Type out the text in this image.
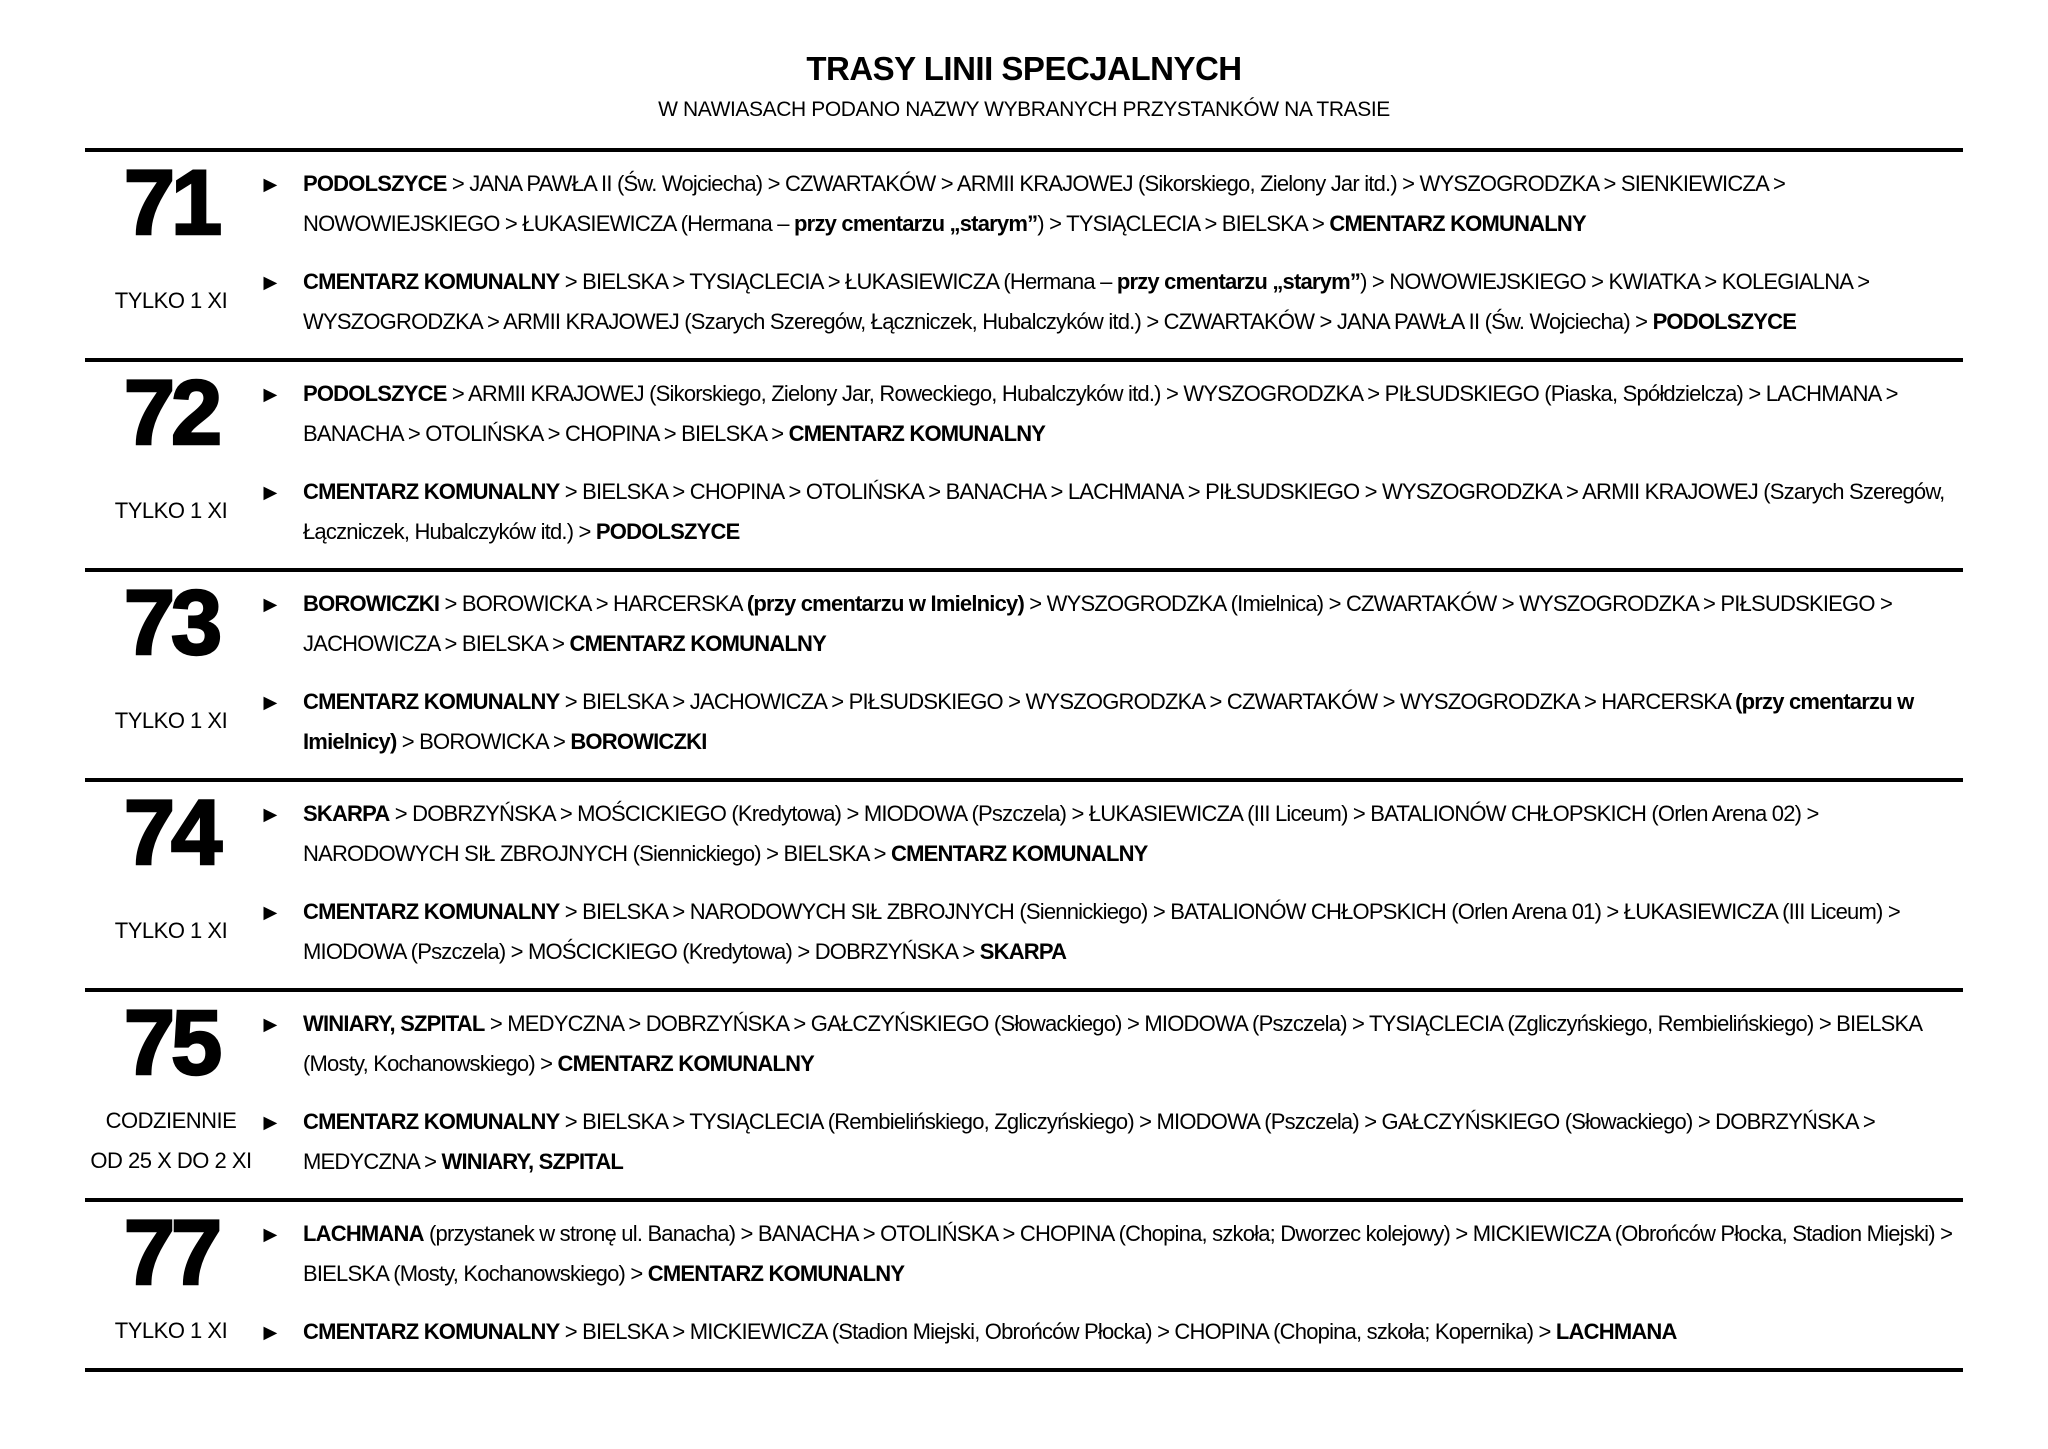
TRASY LINII SPECJALNYCH

W NAWIASACH PODANO NAZWY WYBRANYCH PRZYSTANKÓW NA TRASIE

71
TYLKO 1 XI
► PODOLSZYCE > JANA PAWŁA II (Św. Wojciecha) > CZWARTAKÓW > ARMII KRAJOWEJ (Sikorskiego, Zielony Jar itd.) > WYSZOGRODZKA > SIENKIEWICZA > NOWOWIEJSKIEGO > ŁUKASIEWICZA (Hermana – przy cmentarzu „starym”) > TYSIĄCLECIA > BIELSKA > CMENTARZ KOMUNALNY

► CMENTARZ KOMUNALNY > BIELSKA > TYSIĄCLECIA > ŁUKASIEWICZA (Hermana – przy cmentarzu „starym”) > NOWOWIEJSKIEGO > KWIATKA > KOLEGIALNA > WYSZOGRODZKA > ARMII KRAJOWEJ (Szarych Szeregów, Łączniczek, Hubalczyków itd.) > CZWARTAKÓW > JANA PAWŁA II (Św. Wojciecha) > PODOLSZYCE

72
TYLKO 1 XI
► PODOLSZYCE > ARMII KRAJOWEJ (Sikorskiego, Zielony Jar, Roweckiego, Hubalczyków itd.) > WYSZOGRODZKA > PIŁSUDSKIEGO (Piaska, Spółdzielcza) > LACHMANA > BANACHA > OTOLIŃSKA > CHOPINA > BIELSKA > CMENTARZ KOMUNALNY

► CMENTARZ KOMUNALNY > BIELSKA > CHOPINA > OTOLIŃSKA > BANACHA > LACHMANA > PIŁSUDSKIEGO > WYSZOGRODZKA > ARMII KRAJOWEJ (Szarych Szeregów, Łączniczek, Hubalczyków itd.) > PODOLSZYCE

73
TYLKO 1 XI
► BOROWICZKI > BOROWICKA > HARCERSKA (przy cmentarzu w Imielnicy) > WYSZOGRODZKA (Imielnica) > CZWARTAKÓW > WYSZOGRODZKA > PIŁSUDSKIEGO > JACHOWICZA > BIELSKA > CMENTARZ KOMUNALNY

► CMENTARZ KOMUNALNY > BIELSKA > JACHOWICZA > PIŁSUDSKIEGO > WYSZOGRODZKA > CZWARTAKÓW > WYSZOGRODZKA > HARCERSKA (przy cmentarzu w Imielnicy) > BOROWICKA > BOROWICZKI

74
TYLKO 1 XI
► SKARPA > DOBRZYŃSKA > MOŚCICKIEGO (Kredytowa) > MIODOWA (Pszczela) > ŁUKASIEWICZA (III Liceum) > BATALIONÓW CHŁOPSKICH (Orlen Arena 02) > NARODOWYCH SIŁ ZBROJNYCH (Siennickiego) > BIELSKA > CMENTARZ KOMUNALNY

► CMENTARZ KOMUNALNY > BIELSKA > NARODOWYCH SIŁ ZBROJNYCH (Siennickiego) > BATALIONÓW CHŁOPSKICH (Orlen Arena 01) > ŁUKASIEWICZA (III Liceum) > MIODOWA (Pszczela) > MOŚCICKIEGO (Kredytowa) > DOBRZYŃSKA > SKARPA

75
CODZIENNIE
OD 25 X DO 2 XI
► WINIARY, SZPITAL > MEDYCZNA > DOBRZYŃSKA > GAŁCZYŃSKIEGO (Słowackiego) > MIODOWA (Pszczela) > TYSIĄCLECIA (Zgliczyńskiego, Rembielińskiego) > BIELSKA (Mosty, Kochanowskiego) > CMENTARZ KOMUNALNY

► CMENTARZ KOMUNALNY > BIELSKA > TYSIĄCLECIA (Rembielińskiego, Zgliczyńskiego) > MIODOWA (Pszczela) > GAŁCZYŃSKIEGO (Słowackiego) > DOBRZYŃSKA > MEDYCZNA > WINIARY, SZPITAL

77
TYLKO 1 XI
► LACHMANA (przystanek w stronę ul. Banacha) > BANACHA > OTOLIŃSKA > CHOPINA (Chopina, szkoła; Dworzec kolejowy) > MICKIEWICZA (Obrońców Płocka, Stadion Miejski) > BIELSKA (Mosty, Kochanowskiego) > CMENTARZ KOMUNALNY

► CMENTARZ KOMUNALNY > BIELSKA > MICKIEWICZA (Stadion Miejski, Obrońców Płocka) > CHOPINA (Chopina, szkoła; Kopernika) > LACHMANA
